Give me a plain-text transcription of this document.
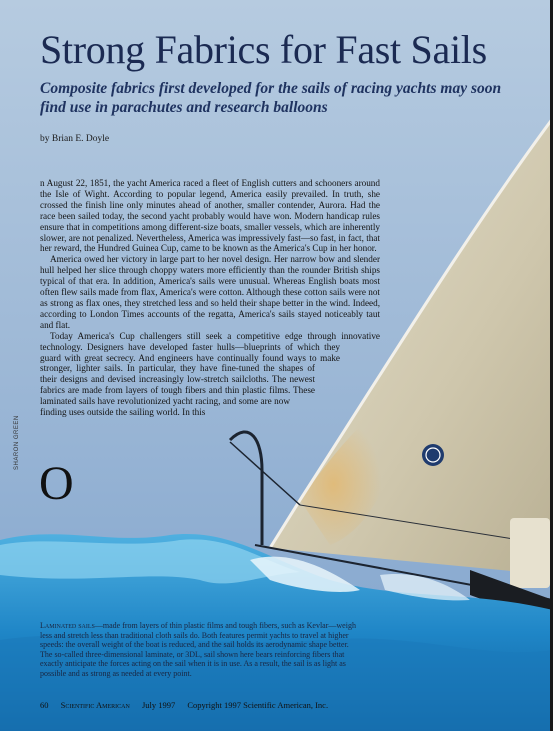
Strong Fabrics for Fast Sails
Composite fabrics first developed for the sails of racing yachts may soon find use in parachutes and research balloons
by Brian E. Doyle

O
n August 22, 1851, the yacht America raced a fleet of English cutters and schooners around the Isle of Wight. According to popular legend, America easily prevailed. In truth, she crossed the finish line only minutes ahead of another, smaller contender, Aurora. Had the race been sailed today, the second yacht probably would have won. Modern handicap rules ensure that in competitions among different-size boats, smaller vessels, which are inherently slower, are not penalized. Nevertheless, America was impressively fast—so fast, in fact, that her reward, the Hundred Guinea Cup, came to be known as the America's Cup in her honor.

America owed her victory in large part to her novel design. Her narrow bow and slender hull helped her slice through choppy waters more efficiently than the rounder British ships typical of that era. In addition, America's sails were unusual. Whereas English boats most often flew sails made from flax, America's were cotton. Although these cotton sails were not as strong as flax ones, they stretched less and so held their shape better in the wind. Indeed, according to London Times accounts of the regatta, America's sails stayed noticeably taut and flat.

Today America's Cup challengers still seek a competitive edge through innovative technology. Designers have developed faster hulls—blueprints of which they guard with great secrecy. And engineers have continually found ways to make stronger, lighter sails. In particular, they have fine-tuned the shapes of their designs and devised increasingly low-stretch sailcloths. The newest fabrics are made from layers of tough fibers and thin plastic films. These laminated sails have revolutionized yacht racing, and some are now finding uses outside the sailing world. In this

SHARON GREEN
Laminated sails—made from layers of thin plastic films and tough fibers, such as Kevlar—weigh less and stretch less than traditional cloth sails do. Both features permit yachts to travel at higher speeds: the overall weight of the boat is reduced, and the sail holds its aerodynamic shape better. The so-called three-dimensional laminate, or 3DL, sail shown here bears reinforcing fibers that exactly anticipate the forces acting on the sail when it is in use. As a result, the sail is as light as possible and as strong as needed at every point.
60 Scientific American July 1997 Copyright 1997 Scientific American, Inc.
